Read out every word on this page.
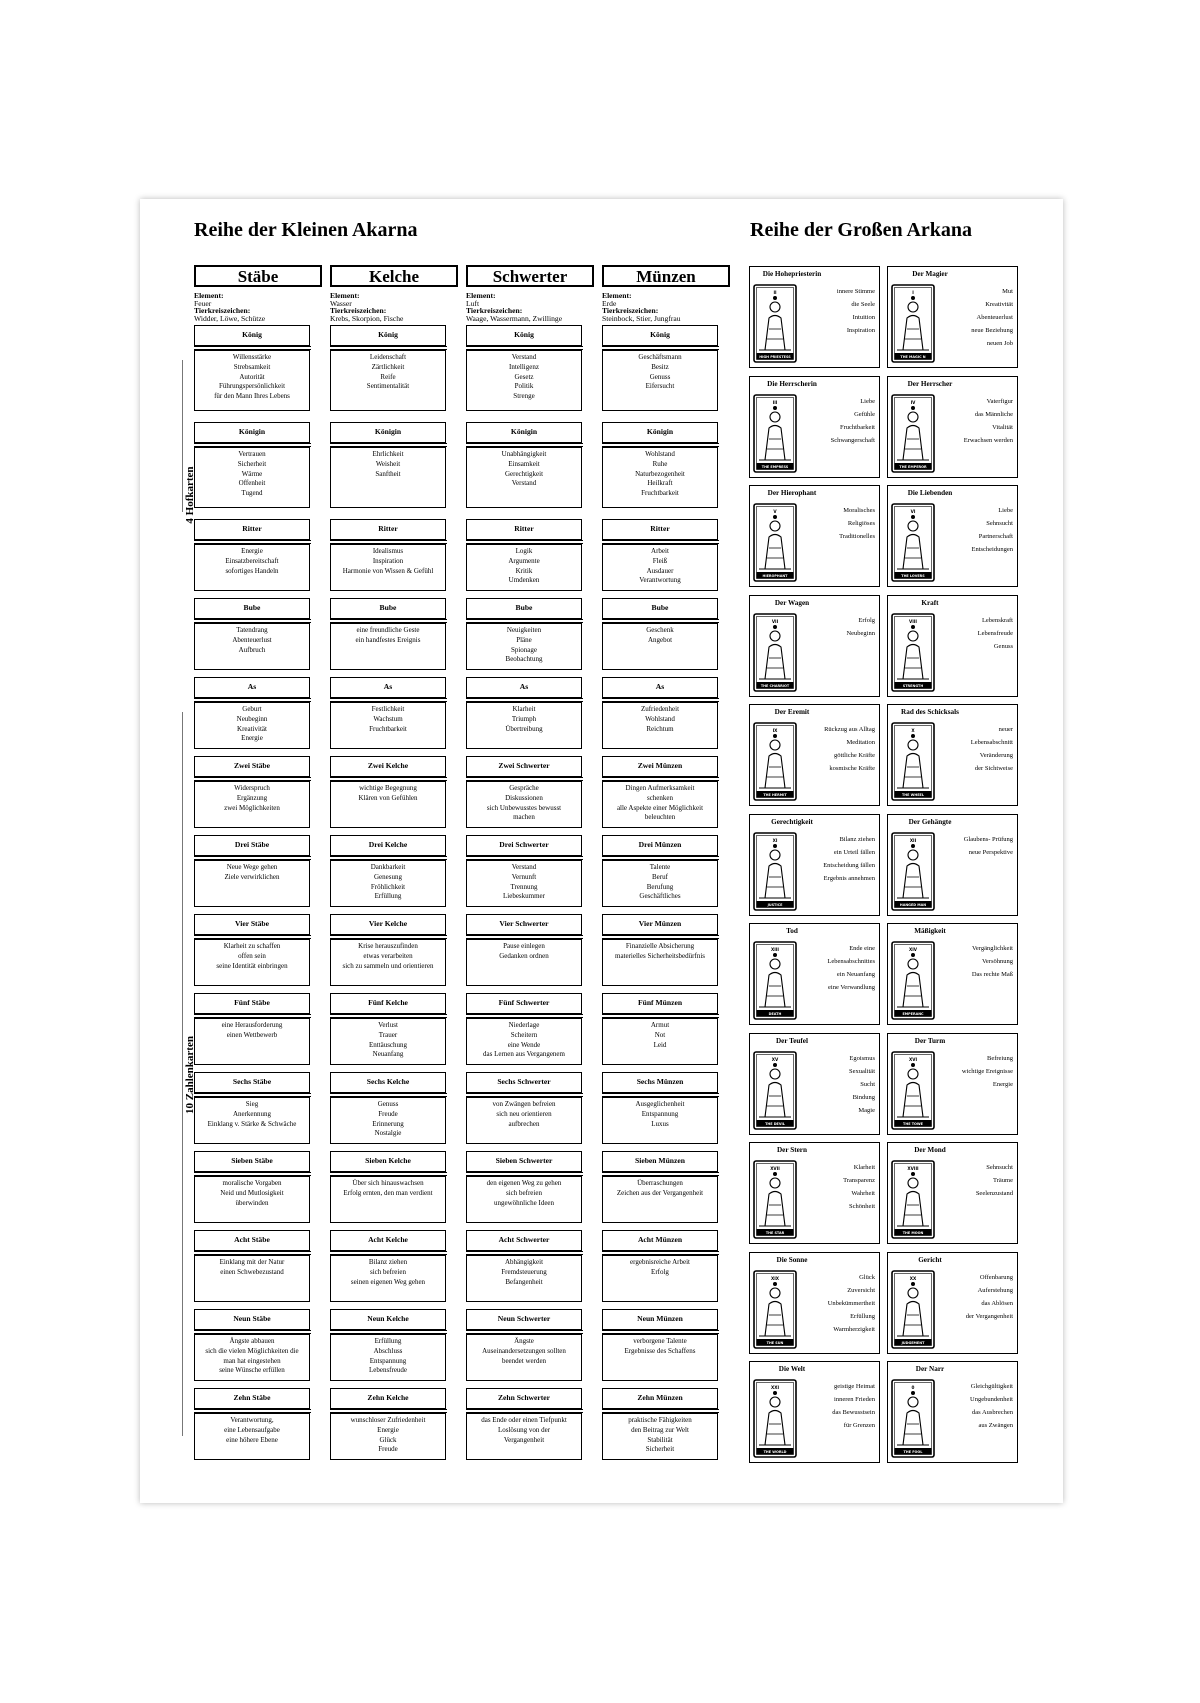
Reihe der Kleinen Akarna	Reihe der Großen Arkana
4 Hofkarten
10 Zahlenkarten
Stäbe
Element:
Feuer
Tierkreiszeichen:
Widder, Löwe, Schütze
König
Willensstärke
Strebsamkeit
Autorität
Führungspersönlichkeit
für den Mann Ihres Lebens
Königin
Vertrauen
Sicherheit
Wärme
Offenheit
Tugend
Ritter
Energie
Einsatzbereitschaft
sofortiges Handeln
Bube
Tatendrang
Abenteuerlust
Aufbruch
As
Geburt
Neubeginn
Kreativität
Energie
Zwei Stäbe
Widerspruch
Ergänzung
zwei Möglichkeiten
Drei Stäbe
Neue Wege gehen
Ziele verwirklichen
Vier Stäbe
Klarheit zu schaffen
offen sein
seine Identität einbringen
Fünf Stäbe
eine Herausforderung
einen Wettbewerb
Sechs Stäbe
Sieg
Anerkennung
Einklang v. Stärke & Schwäche
Sieben Stäbe
moralische Vorgaben
Neid und Mutlosigkeit
überwinden
Acht Stäbe
Einklang mit der Natur
einen Schwebezustand
Neun Stäbe
Ängste abbauen
sich die vielen Möglichkeiten die
man hat eingestehen
seine Wünsche erfüllen
Zehn Stäbe
Verantwortung,
eine Lebensaufgabe
eine höhere Ebene
Kelche
Element:
Wasser
Tierkreiszeichen:
Krebs, Skorpion, Fische
König
Leidenschaft
Zärtlichkeit
Reife
Sentimentalität
Königin
Ehrlichkeit
Weisheit
Sanftheit
Ritter
Idealismus
Inspiration
Harmonie von Wissen & Gefühl
Bube
eine freundliche Geste
ein handfestes Ereignis
As
Festlichkeit
Wachstum
Fruchtbarkeit
Zwei Kelche
wichtige Begegnung
Klären von Gefühlen
Drei Kelche
Dankbarkeit
Genesung
Fröhlichkeit
Erfüllung
Vier Kelche
Krise herauszufinden
etwas verarbeiten
sich zu sammeln und orientieren
Fünf Kelche
Verlust
Trauer
Enttäuschung
Neuanfang
Sechs Kelche
Genuss
Freude
Erinnerung
Nostalgie
Sieben Kelche
Über sich hinauswachsen
Erfolg ernten, den man verdient
Acht Kelche
Bilanz ziehen
sich befreien
seinen eigenen Weg gehen
Neun Kelche
Erfüllung
Abschluss
Entspannung
Lebensfreude
Zehn Kelche
wunschloser Zufriedenheit
Energie
Glück
Freude
Schwerter
Element:
Luft
Tierkreiszeichen:
Waage, Wassermann, Zwillinge
König
Verstand
Intelligenz
Gesetz
Politik
Strenge
Königin
Unabhängigkeit
Einsamkeit
Gerechtigkeit
Verstand
Ritter
Logik
Argumente
Kritik
Umdenken
Bube
Neuigkeiten
Pläne
Spionage
Beobachtung
As
Klarheit
Triumph
Übertreibung
Zwei Schwerter
Gespräche
Diskussionen
sich Unbewusstes bewusst
machen
Drei Schwerter
Verstand
Vernunft
Trennung
Liebeskummer
Vier Schwerter
Pause einlegen
Gedanken ordnen
Fünf Schwerter
Niederlage
Scheitern
eine Wende
das Lernen aus Vergangenem
Sechs Schwerter
von Zwängen befreien
sich neu orientieren
aufbrechen
Sieben Schwerter
den eigenen Weg zu gehen
sich befreien
ungewöhnliche Ideen
Acht Schwerter
Abhängigkeit
Fremdsteuerung
Befangenheit
Neun Schwerter
Ängste
Auseinandersetzungen sollten
beendet werden
Zehn Schwerter
das Ende oder einen Tiefpunkt
Loslösung von der
Vergangenheit
Münzen
Element:
Erde
Tierkreiszeichen:
Steinbock, Stier, Jungfrau
König
Geschäftsmann
Besitz
Genuss
Eifersucht
Königin
Wohlstand
Ruhe
Naturbezogenheit
Heilkraft
Fruchtbarkeit
Ritter
Arbeit
Fleiß
Ausdauer
Verantwortung
Bube
Geschenk
Angebot
As
Zufriedenheit
Wohlstand
Reichtum
Zwei Münzen
Dingen Aufmerksamkeit
schenken
alle Aspekte einer Möglichkeit
beleuchten
Drei Münzen
Talente
Beruf
Berufung
Geschäftliches
Vier Münzen
Finanzielle Absicherung
materielles Sicherheitsbedürfnis
Fünf Münzen
Armut
Not
Leid
Sechs Münzen
Ausgeglichenheit
Entspannung
Luxus
Sieben Münzen
Überraschungen
Zeichen aus der Vergangenheit
Acht Münzen
ergebnisreiche Arbeit
Erfolg
Neun Münzen
verborgene Talente
Ergebnisse des Schaffens
Zehn Münzen
praktische Fähigkeiten
den Beitrag zur Welt
Stabilität
Sicherheit
Die Hohepriesterin
II
HIGH PRIESTESS
innere Stimme
die Seele
Intuition
Inspiration
Der Magier
I
THE MAGIC N
Mut
Kreativität
Abenteuerlust
neue Beziehung
neuen Job
Die Herrscherin
III
THE EMPRESS
Liebe
Gefühle
Fruchtbarkeit
Schwangerschaft
Der Herrscher
IV
THE EMPEROR
Vaterfigur
das Männliche
Vitalität
Erwachsen werden
Der Hierophant
V
HIEROPHANT
Moralisches
Religiöses
Traditionelles
Die Liebenden
VI
THE LOVERS
Liebe
Sehnsucht
Partnerschaft
Entscheidungen
Der Wagen
VII
THE CHARRIOT
Erfolg
Neubeginn
Kraft
VIII
STRENGTH
Lebenskraft
Lebensfreude
Genuss
Der Eremit
IX
THE HERMIT
Rückzug aus Alltag
Meditation
göttliche Kräfte
kosmische Kräfte
Rad des Schicksals
X
THE WHEEL
neuer
Lebensabschnitt
Veränderung
der Sichtweise
Gerechtigkeit
XI
JUSTICE
Bilanz ziehen
ein Urteil fällen
Entscheidung fällen
Ergebnis annehmen
Der Gehängte
XII
HANGED MAN
Glaubens- Prüfung
neue Perspektive
Tod
XIII
DEATH
Ende eine
Lebensabschnittes
ein Neuanfang
eine Verwandlung
Mäßigkeit
XIV
EMPERANC
Vergänglichkeit
Versöhnung
Das rechte Maß
Der Teufel
XV
THE DEVIL
Egoismus
Sexualität
Sucht
Bindung
Magie
Der Turm
XVI
THE TOWE
Befreiung
wichtige Ereignisse
Energie
Der Stern
XVII
THE STAR
Klarheit
Transparenz
Wahrheit
Schönheit
Der Mond
XVIII
THE MOON
Sehnsucht
Träume
Seelenzustand
Die Sonne
XIX
THE SUN
Glück
Zuversicht
Unbekümmertheit
Erfüllung
Warmherzigkeit
Gericht
XX
JUDGEMENT
Offenbarung
Auferstehung
das Ablösen
der Vergangenheit
Die Welt
XXI
THE WORLD
geistige Heimat
inneren Frieden
das Bewusstsein
für Grenzen
Der Narr
0
THE FOOL
Gleichgültigkeit
Ungebundenheit
das Ausbrechen
aus Zwängen
